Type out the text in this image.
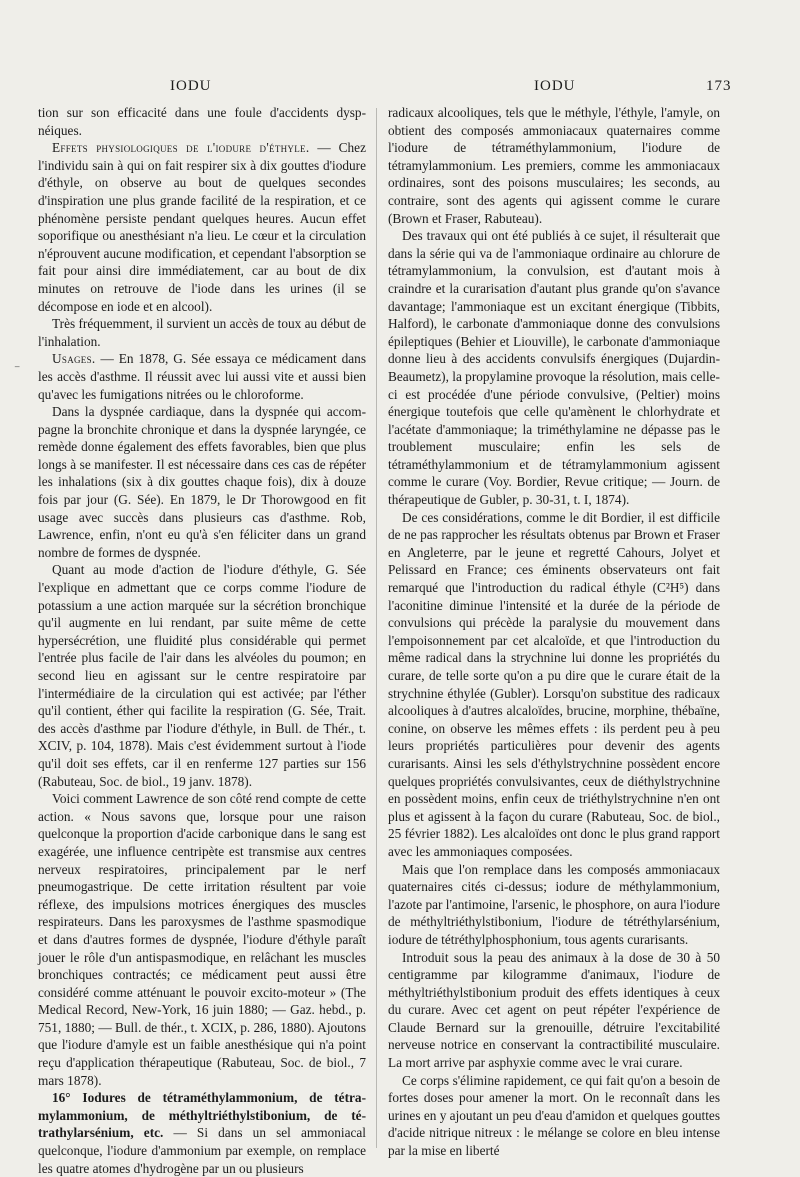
IODU	IODU	173
⁻

tion sur son efficacité dans une foule d'accidents dyspnéiques.

Effets physiologiques de l'iodure d'éthyle. — Chez l'individu sain à qui on fait respirer six à dix gouttes d'iodure d'éthyle, on observe au bout de quelques secondes d'inspiration une plus grande facilité de la respiration, et ce phénomène persiste pendant quelques heures. Aucun effet soporifique ou anesthésiant n'a lieu. Le cœur et la circulation n'éprouvent aucune modification, et cependant l'absorption se fait pour ainsi dire immédiatement, car au bout de dix minutes on retrouve de l'iode dans les urines (il se décompose en iode et en alcool).

Très fréquemment, il survient un accès de toux au début de l'inhalation.

Usages. — En 1878, G. Sée essaya ce médicament dans les accès d'asthme. Il réussit avec lui aussi vite et aussi bien qu'avec les fumigations nitrées ou le chloroforme.

Dans la dyspnée cardiaque, dans la dyspnée qui accompagne la bronchite chronique et dans la dyspnée laryngée, ce remède donne également des effets favorables, bien que plus longs à se manifester. Il est nécessaire dans ces cas de répéter les inhalations (six à dix gouttes chaque fois), dix à douze fois par jour (G. Sée). En 1879, le Dr Thorowgood en fit usage avec succès dans plusieurs cas d'asthme. Rob, Lawrence, enfin, n'ont eu qu'à s'en féliciter dans un grand nombre de formes de dyspnée.

Quant au mode d'action de l'iodure d'éthyle, G. Sée l'explique en admettant que ce corps comme l'iodure de potassium a une action marquée sur la sécrétion bronchique qu'il augmente en lui rendant, par suite même de cette hypersécrétion, une fluidité plus considérable qui permet l'entrée plus facile de l'air dans les alvéoles du poumon; en second lieu en agissant sur le centre respiratoire par l'intermédiaire de la circulation qui est activée; par l'éther qu'il contient, éther qui facilite la respiration (G. Sée, Trait. des accès d'asthme par l'iodure d'éthyle, in Bull. de Thér., t. XCIV, p. 104, 1878). Mais c'est évidemment surtout à l'iode qu'il doit ses effets, car il en renferme 127 parties sur 156 (Rabuteau, Soc. de biol., 19 janv. 1878).

Voici comment Lawrence de son côté rend compte de cette action. « Nous savons que, lorsque pour une raison quelconque la proportion d'acide carbonique dans le sang est exagérée, une influence centripète est transmise aux centres nerveux respiratoires, principalement par le nerf pneumogastrique. De cette irritation résultent par voie réflexe, des impulsions motrices énergiques des muscles respirateurs. Dans les paroxysmes de l'asthme spasmodique et dans d'autres formes de dyspnée, l'iodure d'éthyle paraît jouer le rôle d'un antispasmodique, en relâchant les muscles bronchiques contractés; ce médicament peut aussi être considéré comme atténuant le pouvoir excito-moteur » (The Medical Record, New-York, 16 juin 1880; — Gaz. hebd., p. 751, 1880; — Bull. de thér., t. XCIX, p. 286, 1880). Ajoutons que l'iodure d'amyle est un faible anesthésique qui n'a point reçu d'application thérapeutique (Rabuteau, Soc. de biol., 7 mars 1878).

16° Iodures de tétraméthylammonium, de tétramylammonium, de méthyltriéthylstibonium, de tétrathylarsénium, etc. — Si dans un sel ammoniacal quelconque, l'iodure d'ammonium par exemple, on remplace les quatre atomes d'hydrogène par un ou plusieurs

radicaux alcooliques, tels que le méthyle, l'éthyle, l'amyle, on obtient des composés ammoniacaux quaternaires comme l'iodure de tétraméthylammonium, l'iodure de tétramylammonium. Les premiers, comme les ammoniacaux ordinaires, sont des poisons musculaires; les seconds, au contraire, sont des agents qui agissent comme le curare (Brown et Fraser, Rabuteau).

Des travaux qui ont été publiés à ce sujet, il résulterait que dans la série qui va de l'ammoniaque ordinaire au chlorure de tétramylammonium, la convulsion, est d'autant mois à craindre et la curarisation d'autant plus grande qu'on s'avance davantage; l'ammoniaque est un excitant énergique (Tibbits, Halford), le carbonate d'ammoniaque donne des convulsions épileptiques (Behier et Liouville), le carbonate d'ammoniaque donne lieu à des accidents convulsifs énergiques (Dujardin-Beaumetz), la propylamine provoque la résolution, mais celle-ci est procédée d'une période convulsive, (Peltier) moins énergique toutefois que celle qu'amènent le chlorhydrate et l'acétate d'ammoniaque; la triméthylamine ne dépasse pas le troublement musculaire; enfin les sels de tétraméthylammonium et de tétramylammonium agissent comme le curare (Voy. Bordier, Revue critique; — Journ. de thérapeutique de Gubler, p. 30-31, t. I, 1874).

De ces considérations, comme le dit Bordier, il est difficile de ne pas rapprocher les résultats obtenus par Brown et Fraser en Angleterre, par le jeune et regretté Cahours, Jolyet et Pelissard en France; ces éminents observateurs ont fait remarqué que l'introduction du radical éthyle (C²H⁵) dans l'aconitine diminue l'intensité et la durée de la période de convulsions qui précède la paralysie du mouvement dans l'empoisonnement par cet alcaloïde, et que l'introduction du même radical dans la strychnine lui donne les propriétés du curare, de telle sorte qu'on a pu dire que le curare était de la strychnine éthylée (Gubler). Lorsqu'on substitue des radicaux alcooliques à d'autres alcaloïdes, brucine, morphine, thébaïne, conine, on observe les mêmes effets : ils perdent peu à peu leurs propriétés particulières pour devenir des agents curarisants. Ainsi les sels d'éthylstrychnine possèdent encore quelques propriétés convulsivantes, ceux de diéthylstrychnine en possèdent moins, enfin ceux de triéthylstrychnine n'en ont plus et agissent à la façon du curare (Rabuteau, Soc. de biol., 25 février 1882). Les alcaloïdes ont donc le plus grand rapport avec les ammoniaques composées.

Mais que l'on remplace dans les composés ammoniacaux quaternaires cités ci-dessus; iodure de méthylammonium, l'azote par l'antimoine, l'arsenic, le phosphore, on aura l'iodure de méthyltriéthylstibonium, l'iodure de tétréthylarsénium, iodure de tétréthylphosphonium, tous agents curarisants.

Introduit sous la peau des animaux à la dose de 30 à 50 centigramme par kilogramme d'animaux, l'iodure de méthyltriéthylstibonium produit des effets identiques à ceux du curare. Avec cet agent on peut répéter l'expérience de Claude Bernard sur la grenouille, détruire l'excitabilité nerveuse notrice en conservant la contractibilité musculaire. La mort arrive par asphyxie comme avec le vrai curare.

Ce corps s'élimine rapidement, ce qui fait qu'on a besoin de fortes doses pour amener la mort. On le reconnaît dans les urines en y ajoutant un peu d'eau d'amidon et quelques gouttes d'acide nitrique nitreux : le mélange se colore en bleu intense par la mise en liberté
